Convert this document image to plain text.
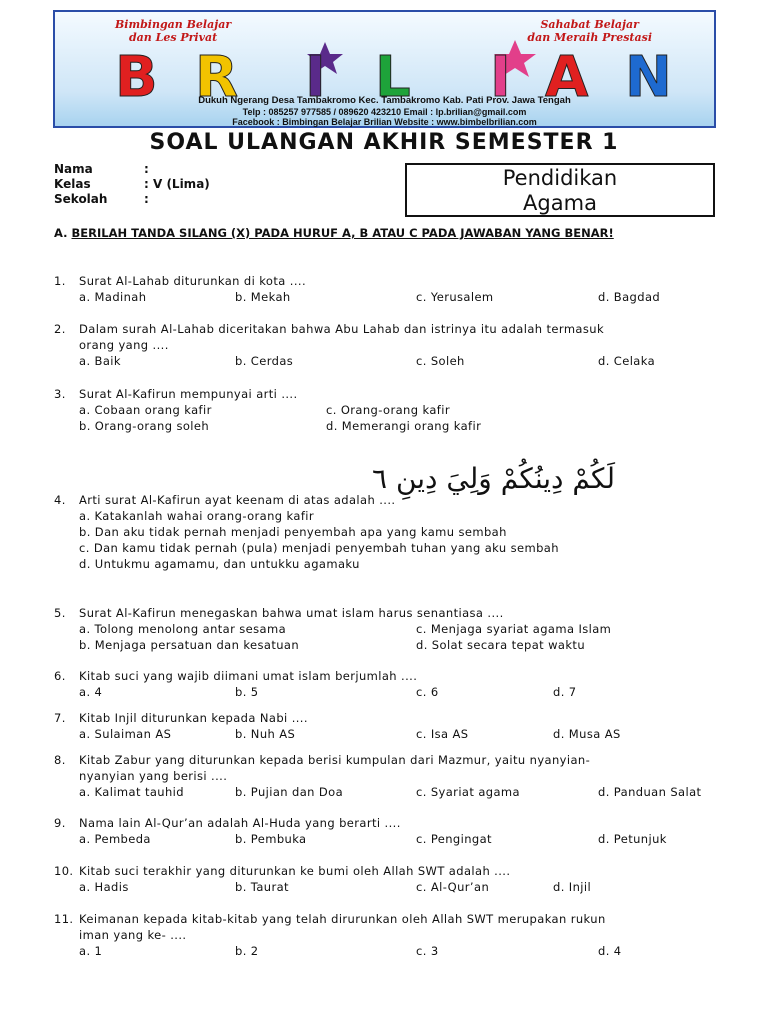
Bimbingan Belajar
dan Les Privat
Sahabat Belajar
dan Meraih Prestasi
B R I L I A N
Dukuh Ngerang Desa Tambakromo Kec. Tambakromo Kab. Pati Prov. Jawa Tengah
Telp : 085257 977585 / 089620 423210 Email : lp.brilian@gmail.com
Facebook : Bimbingan Belajar Brilian Website : www.bimbelbrilian.com
SOAL ULANGAN AKHIR SEMESTER 1
Nama	:
Kelas	: V (Lima)
Sekolah	:
Pendidikan
Agama
A. BERILAH TANDA SILANG (X) PADA HURUF A, B ATAU C PADA JAWABAN YANG BENAR!
1. Surat Al-Lahab diturunkan di kota ....
a. Madinah	b. Mekah	c. Yerusalem	d. Bagdad
2. Dalam surah Al-Lahab diceritakan bahwa Abu Lahab dan istrinya itu adalah termasuk
orang yang ....
a. Baik	b. Cerdas	c. Soleh	d. Celaka
3. Surat Al-Kafirun mempunyai arti ....
a. Cobaan orang kafir	c. Orang-orang kafir
b. Orang-orang soleh	d. Memerangi orang kafir
لَكُمْ دِينُكُمْ وَلِيَ دِينِ ٦
4.	Arti surat Al-Kafirun ayat keenam di atas adalah ....
a. Katakanlah wahai orang-orang kafir
b. Dan aku tidak pernah menjadi penyembah apa yang kamu sembah
c. Dan kamu tidak pernah (pula) menjadi penyembah tuhan yang aku sembah
d. Untukmu agamamu, dan untukku agamaku
5. Surat Al-Kafirun menegaskan bahwa umat islam harus senantiasa ....
a. Tolong menolong antar sesama	c. Menjaga syariat agama Islam
b. Menjaga persatuan dan kesatuan	d. Solat secara tepat waktu
6. Kitab suci yang wajib diimani umat islam berjumlah ....
a. 4	b. 5	c. 6	d. 7
7. Kitab Injil diturunkan kepada Nabi ....
a. Sulaiman AS	b. Nuh AS	c. Isa AS	d. Musa AS
8. Kitab Zabur yang diturunkan kepada berisi kumpulan dari Mazmur, yaitu nyanyian-
nyanyian yang berisi ....
a. Kalimat tauhid	b. Pujian dan Doa	c. Syariat agama	d. Panduan Salat
9. Nama lain Al-Qur’an adalah Al-Huda yang berarti ....
a. Pembeda	b. Pembuka	c. Pengingat	d. Petunjuk
10. Kitab suci terakhir yang diturunkan ke bumi oleh Allah SWT adalah ....
a. Hadis	b. Taurat	c. Al-Qur’an	d. Injil
11. Keimanan kepada kitab-kitab yang telah dirurunkan oleh Allah SWT merupakan rukun
iman yang ke- ....
a. 1	b. 2	c. 3	d. 4
